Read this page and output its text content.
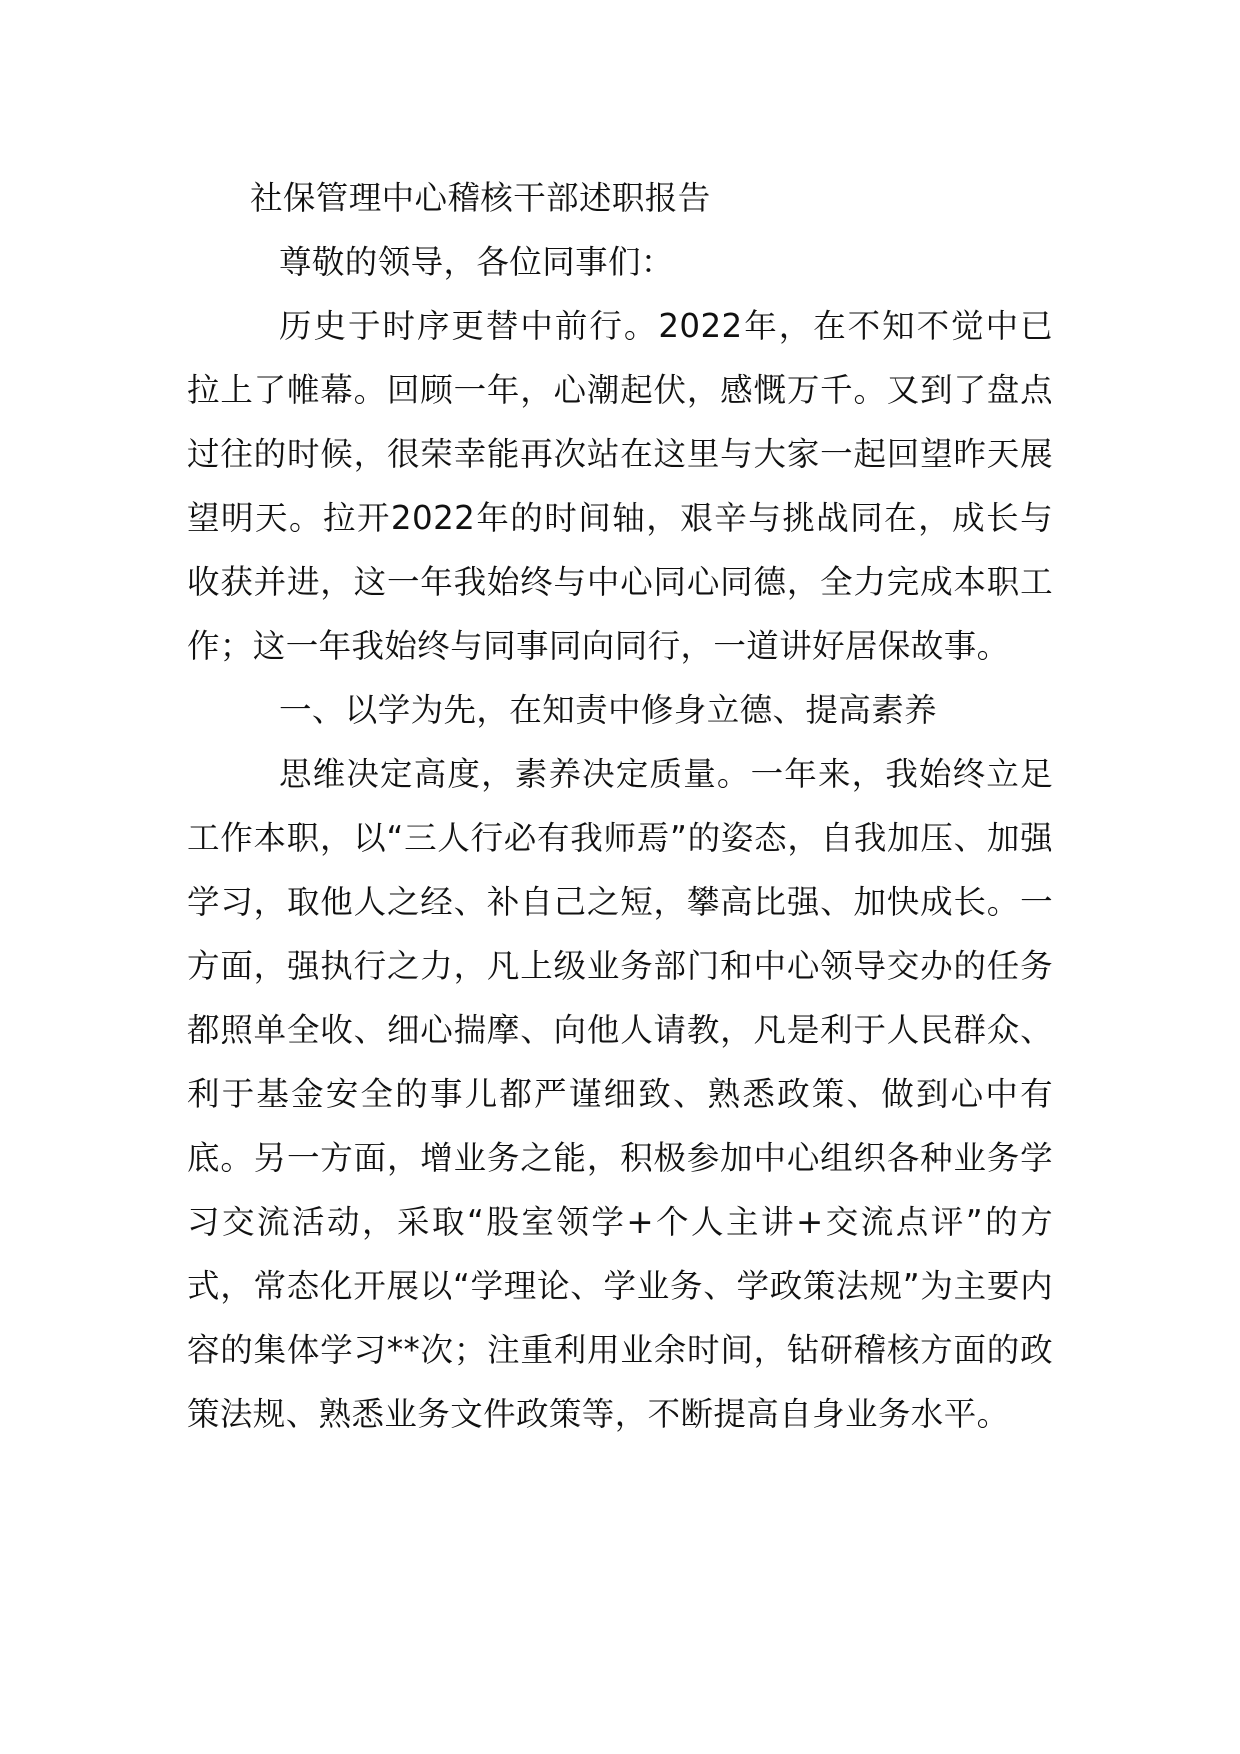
社保管理中心稽核干部述职报告

尊敬的领导，各位同事们：

历史于时序更替中前行。2022年，在不知不觉中已拉上了帷幕。回顾一年，心潮起伏，感慨万千。又到了盘点过往的时候，很荣幸能再次站在这里与大家一起回望昨天展望明天。拉开2022年的时间轴，艰辛与挑战同在，成长与收获并进，这一年我始终与中心同心同德，全力完成本职工作；这一年我始终与同事同向同行，一道讲好居保故事。

一、以学为先，在知责中修身立德、提高素养

思维决定高度，素养决定质量。一年来，我始终立足工作本职，以“三人行必有我师焉”的姿态，自我加压、加强学习，取他人之经、补自己之短，攀高比强、加快成长。一方面，强执行之力，凡上级业务部门和中心领导交办的任务都照单全收、细心揣摩、向他人请教，凡是利于人民群众、利于基金安全的事儿都严谨细致、熟悉政策、做到心中有底。另一方面，增业务之能，积极参加中心组织各种业务学习交流活动，采取“股室领学+个人主讲+交流点评”的方式，常态化开展以“学理论、学业务、学政策法规”为主要内容的集体学习**次；注重利用业余时间，钻研稽核方面的政策法规、熟悉业务文件政策等，不断提高自身业务水平。
